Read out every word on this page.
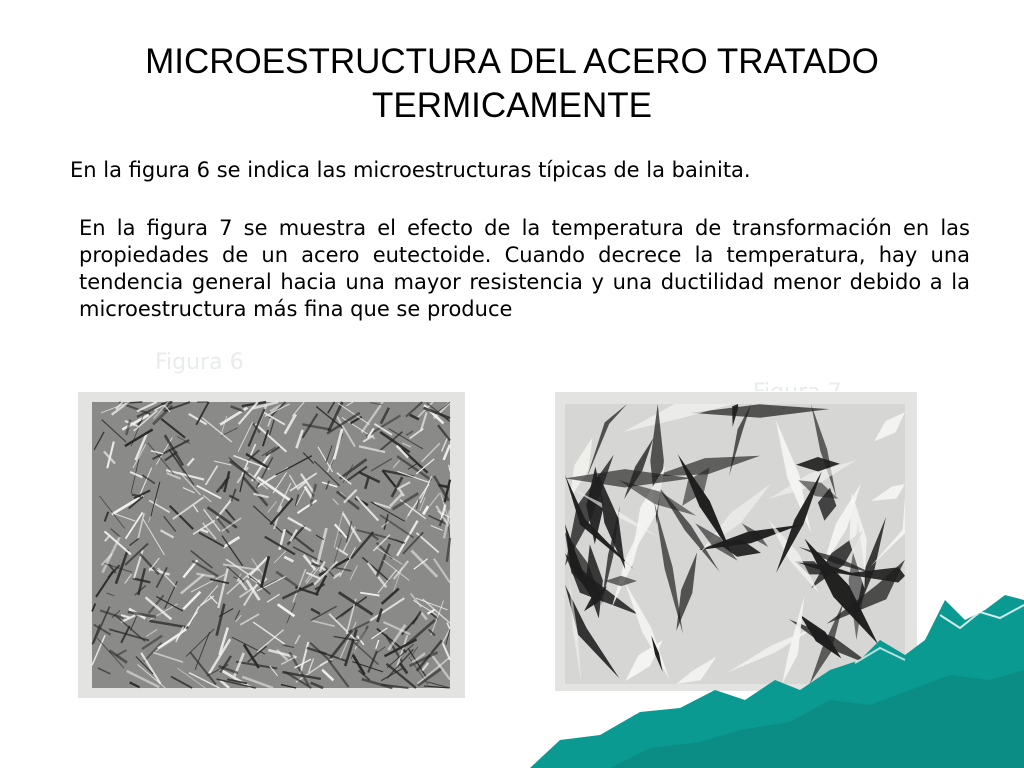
MICROESTRUCTURA DEL ACERO TRATADO
TERMICAMENTE
En la figura 6 se indica las microestructuras típicas de la bainita.
En la figura 7 se muestra el efecto de la temperatura de transformación en las propiedades de un acero eutectoide. Cuando decrece la temperatura, hay una tendencia general hacia una mayor resistencia y una ductilidad menor debido a la microestructura más fina que se produce
Figura 6
